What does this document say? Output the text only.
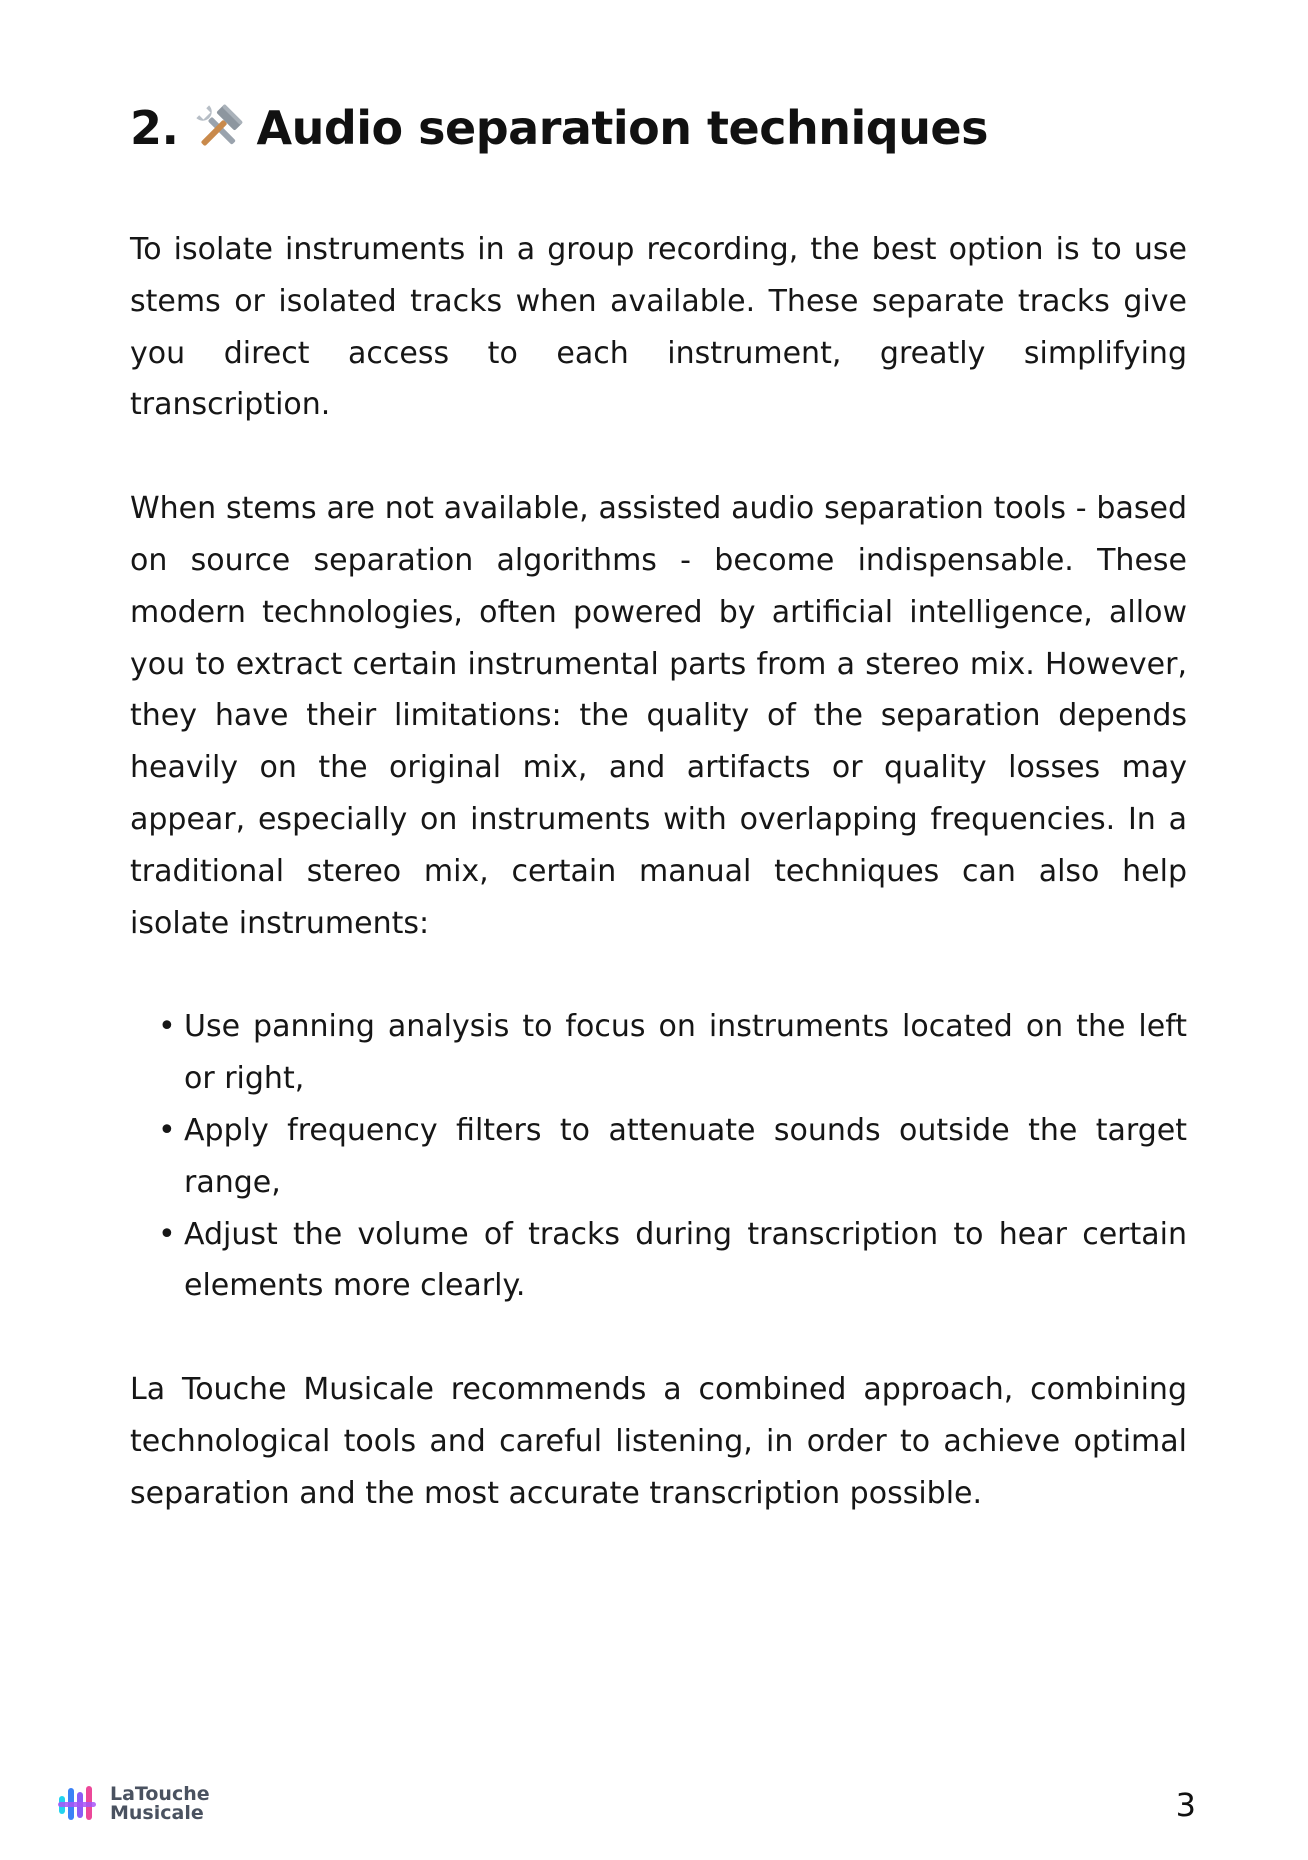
2. Audio separation techniques

To isolate instruments in a group recording, the best option is to use stems or isolated tracks when available. These separate tracks give you direct access to each instrument, greatly simplifying transcription.

When stems are not available, assisted audio separation tools - based on source separation algorithms - become indispensable. These modern technologies, often powered by artificial intelligence, allow you to extract certain instrumental parts from a stereo mix. However, they have their limitations: the quality of the separation depends heavily on the original mix, and artifacts or quality losses may appear, especially on instruments with overlapping frequencies. In a traditional stereo mix, certain manual techniques can also help isolate instruments:

• Use panning analysis to focus on instruments located on the left or right,
• Apply frequency filters to attenuate sounds outside the target range,
• Adjust the volume of tracks during transcription to hear certain elements more clearly.

La Touche Musicale recommends a combined approach, combining technological tools and careful listening, in order to achieve optimal separation and the most accurate transcription possible.

LaTouche
Musicale	3
